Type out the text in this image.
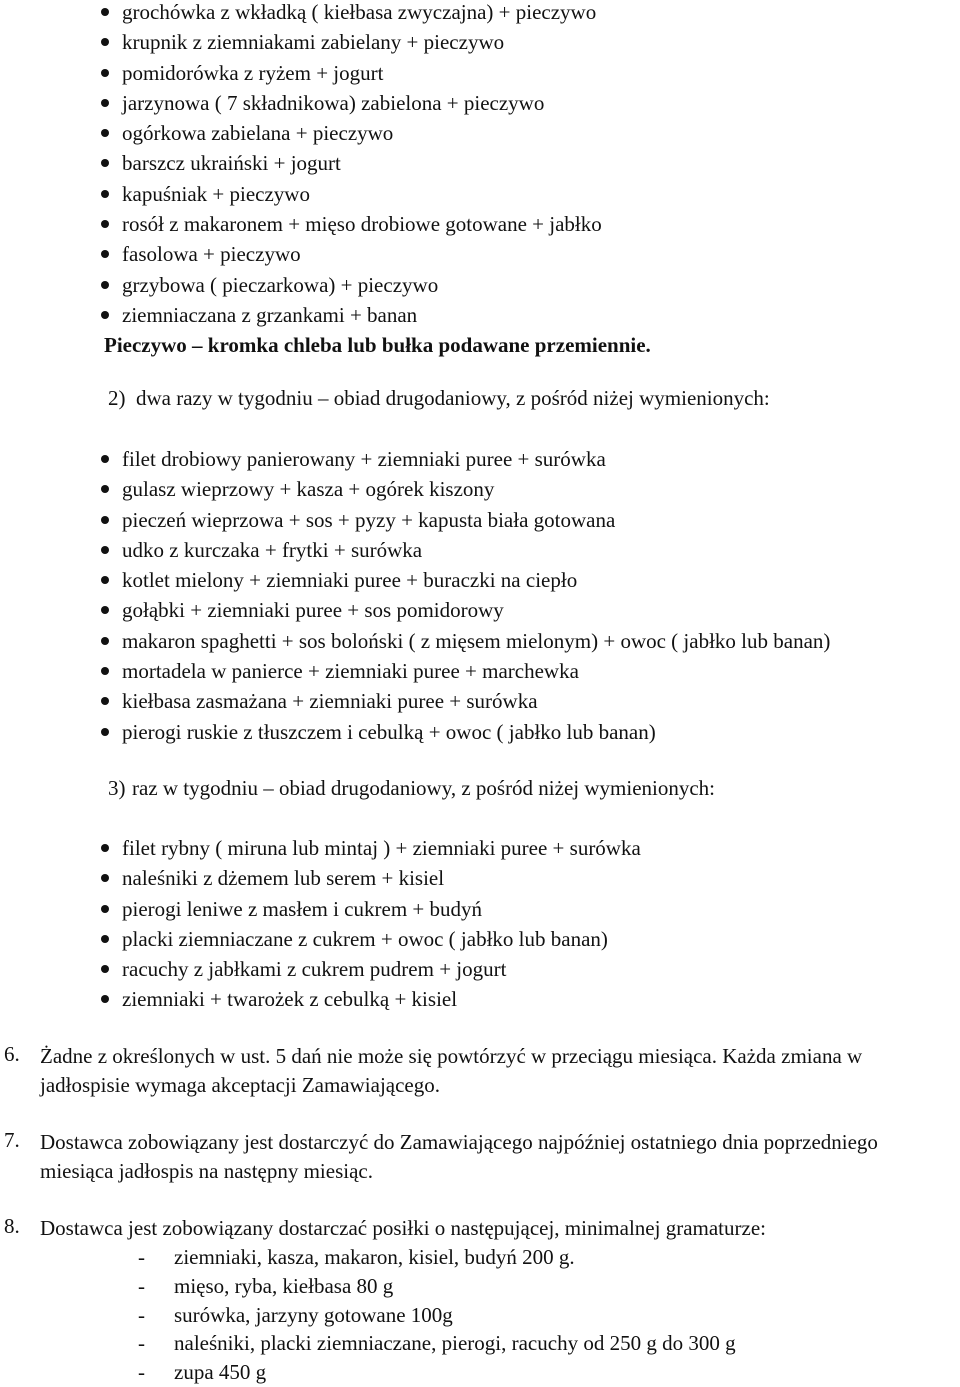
grochówka z wkładką ( kiełbasa zwyczajna) + pieczywo
krupnik z ziemniakami zabielany + pieczywo
pomidorówka z ryżem + jogurt
jarzynowa ( 7 składnikowa) zabielona + pieczywo
ogórkowa zabielana + pieczywo
barszcz ukraiński + jogurt
kapuśniak + pieczywo
rosół z makaronem + mięso drobiowe gotowane + jabłko
fasolowa + pieczywo
grzybowa ( pieczarkowa) + pieczywo
ziemniaczana z grzankami + banan
Pieczywo – kromka chleba lub bułka podawane przemiennie.
2) dwa razy w tygodniu – obiad drugodaniowy, z pośród niżej wymienionych:
filet drobiowy panierowany + ziemniaki puree + surówka
gulasz wieprzowy + kasza + ogórek kiszony
pieczeń wieprzowa + sos + pyzy + kapusta biała gotowana
udko z kurczaka + frytki + surówka
kotlet mielony + ziemniaki puree + buraczki na ciepło
gołąbki + ziemniaki puree + sos pomidorowy
makaron spaghetti + sos boloński ( z mięsem mielonym) + owoc ( jabłko lub banan)
mortadela w panierce + ziemniaki puree + marchewka
kiełbasa zasmażana + ziemniaki puree + surówka
pierogi ruskie z tłuszczem i cebulką + owoc ( jabłko lub banan)
3) raz w tygodniu – obiad drugodaniowy, z pośród niżej wymienionych:
filet rybny ( miruna lub mintaj ) + ziemniaki puree + surówka
naleśniki z dżemem lub serem + kisiel
pierogi leniwe z masłem i cukrem + budyń
placki ziemniaczane z cukrem + owoc ( jabłko lub banan)
racuchy z jabłkami z cukrem pudrem + jogurt
ziemniaki + twarożek z cebulką + kisiel
6. Żadne z określonych w ust. 5 dań nie może się powtórzyć w przeciągu miesiąca. Każda zmiana w jadłospisie wymaga akceptacji Zamawiającego.
7. Dostawca zobowiązany jest dostarczyć do Zamawiającego najpóźniej ostatniego dnia poprzedniego miesiąca jadłospis na następny miesiąc.
8. Dostawca jest zobowiązany dostarczać posiłki o następującej, minimalnej gramaturze:
- ziemniaki, kasza, makaron, kisiel, budyń 200 g.
- mięso, ryba, kiełbasa 80 g
- surówka, jarzyny gotowane 100g
- naleśniki, placki ziemniaczane, pierogi, racuchy od 250 g do 300 g
- zupa 450 g
